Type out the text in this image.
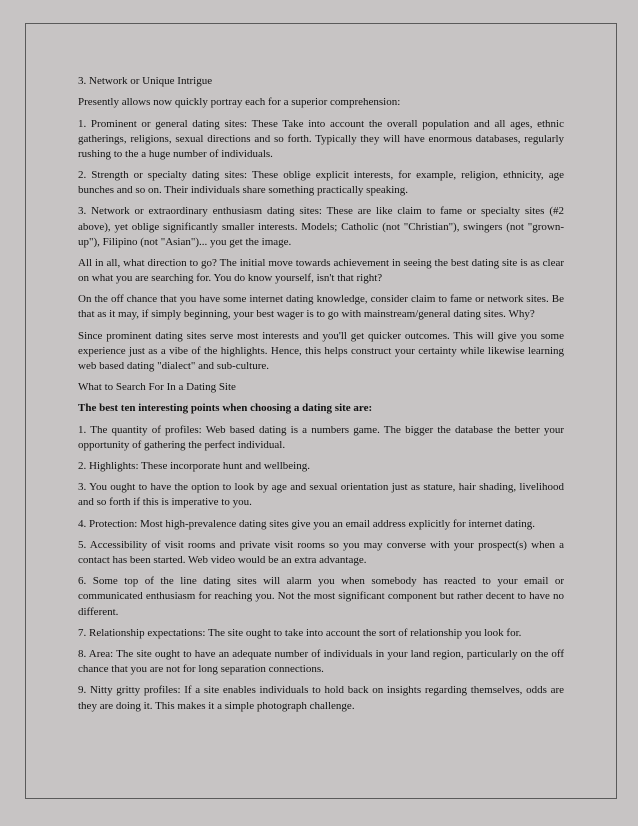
3. Network or Unique Intrigue

Presently allows now quickly portray each for a superior comprehension:

1. Prominent or general dating sites: These Take into account the overall population and all ages, ethnic gatherings, religions, sexual directions and so forth. Typically they will have enormous databases, regularly rushing to the a huge number of individuals.

2. Strength or specialty dating sites: These oblige explicit interests, for example, religion, ethnicity, age bunches and so on. Their individuals share something practically speaking.

3. Network or extraordinary enthusiasm dating sites: These are like claim to fame or specialty sites (#2 above), yet oblige significantly smaller interests. Models; Catholic (not "Christian"), swingers (not "grown-up"), Filipino (not "Asian")... you get the image.

All in all, what direction to go? The initial move towards achievement in seeing the best dating site is as clear on what you are searching for. You do know yourself, isn't that right?

On the off chance that you have some internet dating knowledge, consider claim to fame or network sites. Be that as it may, if simply beginning, your best wager is to go with mainstream/general dating sites. Why?

Since prominent dating sites serve most interests and you'll get quicker outcomes. This will give you some experience just as a vibe of the highlights. Hence, this helps construct your certainty while likewise learning web based dating "dialect" and sub-culture.

What to Search For In a Dating Site

The best ten interesting points when choosing a dating site are:

1. The quantity of profiles: Web based dating is a numbers game. The bigger the database the better your opportunity of gathering the perfect individual.

2. Highlights: These incorporate hunt and wellbeing.

3. You ought to have the option to look by age and sexual orientation just as stature, hair shading, livelihood and so forth if this is imperative to you.

4. Protection: Most high-prevalence dating sites give you an email address explicitly for internet dating.

5. Accessibility of visit rooms and private visit rooms so you may converse with your prospect(s) when a contact has been started. Web video would be an extra advantage.

6. Some top of the line dating sites will alarm you when somebody has reacted to your email or communicated enthusiasm for reaching you. Not the most significant component but rather decent to have no different.

7. Relationship expectations: The site ought to take into account the sort of relationship you look for.

8. Area: The site ought to have an adequate number of individuals in your land region, particularly on the off chance that you are not for long separation connections.

9. Nitty gritty profiles: If a site enables individuals to hold back on insights regarding themselves, odds are they are doing it. This makes it a simple photograph challenge.
